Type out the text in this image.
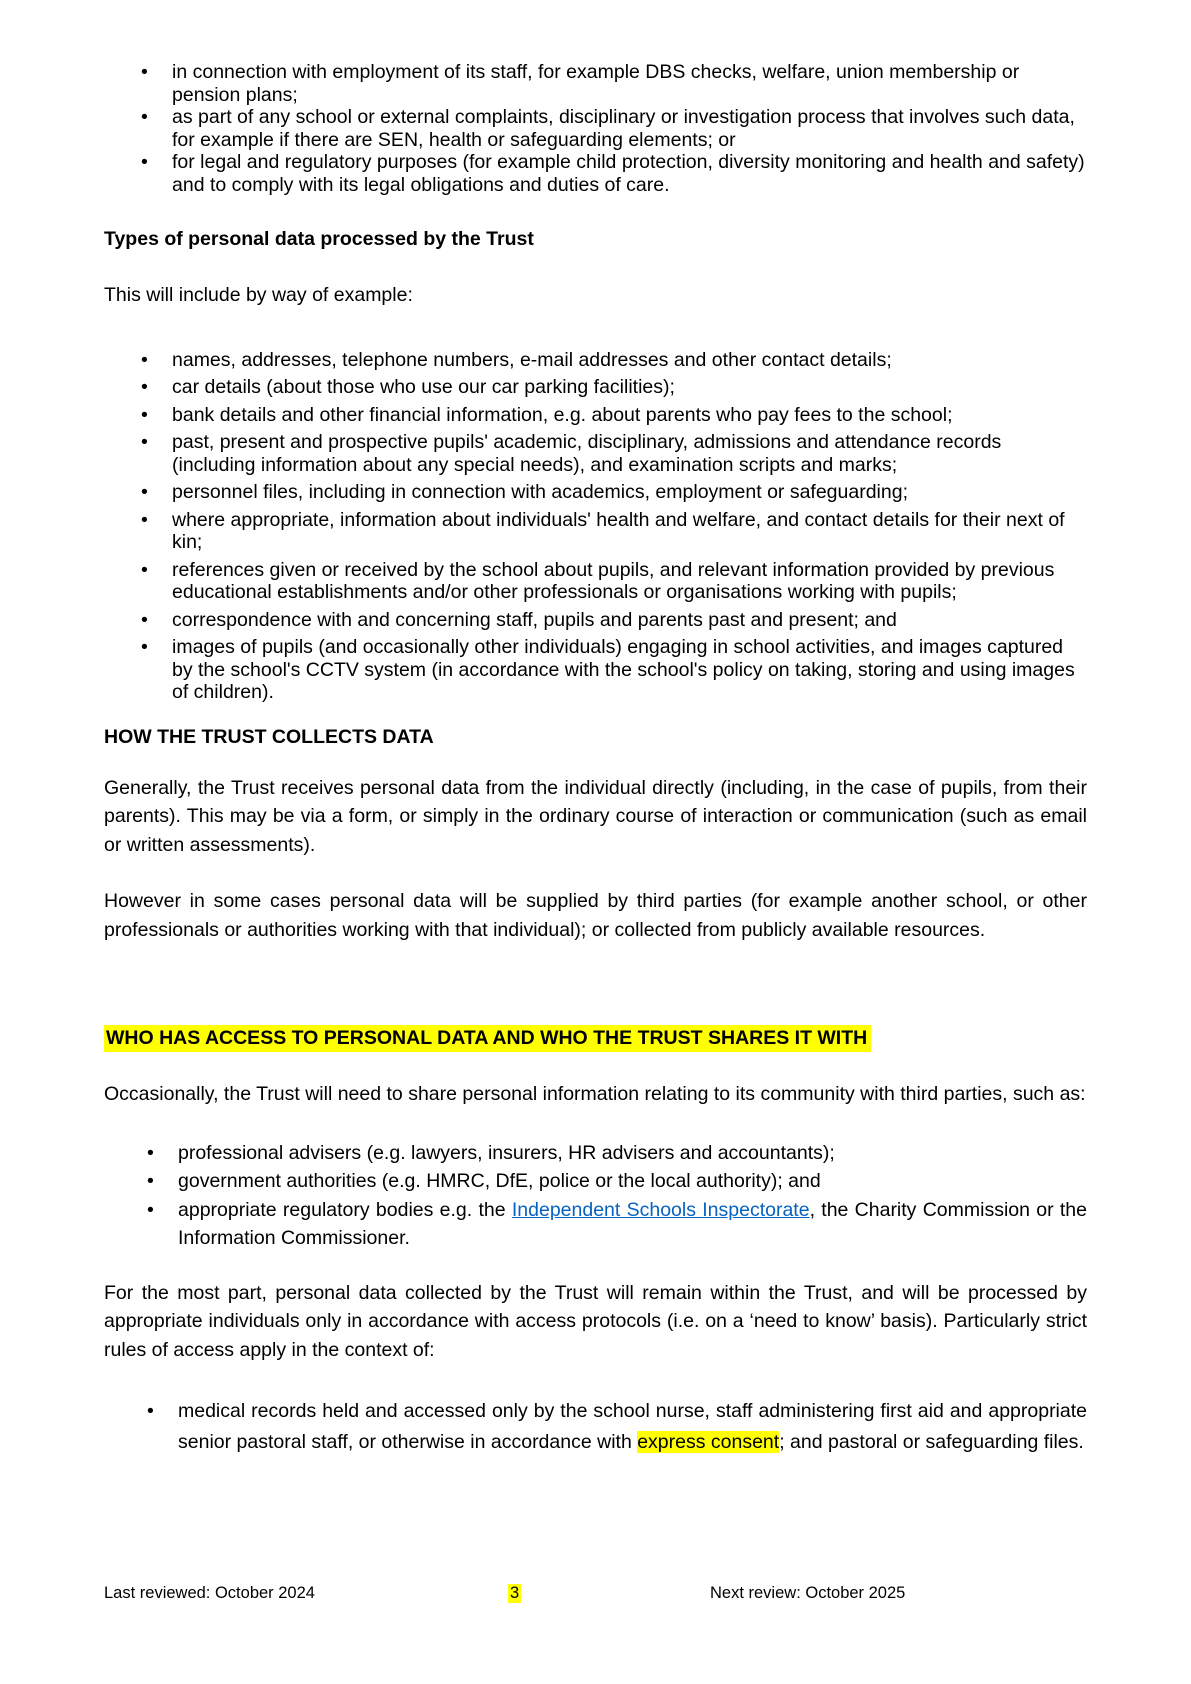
• in connection with employment of its staff, for example DBS checks, welfare, union membership or pension plans;
• as part of any school or external complaints, disciplinary or investigation process that involves such data, for example if there are SEN, health or safeguarding elements; or
• for legal and regulatory purposes (for example child protection, diversity monitoring and health and safety) and to comply with its legal obligations and duties of care.
Types of personal data processed by the Trust

This will include by way of example:

• names, addresses, telephone numbers, e-mail addresses and other contact details;
• car details (about those who use our car parking facilities);
• bank details and other financial information, e.g. about parents who pay fees to the school;
• past, present and prospective pupils' academic, disciplinary, admissions and attendance records (including information about any special needs), and examination scripts and marks;
• personnel files, including in connection with academics, employment or safeguarding;
• where appropriate, information about individuals' health and welfare, and contact details for their next of kin;
• references given or received by the school about pupils, and relevant information provided by previous educational establishments and/or other professionals or organisations working with pupils;
• correspondence with and concerning staff, pupils and parents past and present; and
• images of pupils (and occasionally other individuals) engaging in school activities, and images captured by the school's CCTV system (in accordance with the school's policy on taking, storing and using images of children).
HOW THE TRUST COLLECTS DATA

Generally, the Trust receives personal data from the individual directly (including, in the case of pupils, from their parents). This may be via a form, or simply in the ordinary course of interaction or communication (such as email or written assessments).

However in some cases personal data will be supplied by third parties (for example another school, or other professionals or authorities working with that individual); or collected from publicly available resources.

WHO HAS ACCESS TO PERSONAL DATA AND WHO THE TRUST SHARES IT WITH

Occasionally, the Trust will need to share personal information relating to its community with third parties, such as:

• professional advisers (e.g. lawyers, insurers, HR advisers and accountants);
• government authorities (e.g. HMRC, DfE, police or the local authority); and
• appropriate regulatory bodies e.g. the Independent Schools Inspectorate, the Charity Commission or the Information Commissioner.

For the most part, personal data collected by the Trust will remain within the Trust, and will be processed by appropriate individuals only in accordance with access protocols (i.e. on a ‘need to know’ basis). Particularly strict rules of access apply in the context of:

• medical records held and accessed only by the school nurse, staff administering first aid and appropriate senior pastoral staff, or otherwise in accordance with express consent; and pastoral or safeguarding files.
Last reviewed: October 2024	3	Next review: October 2025
